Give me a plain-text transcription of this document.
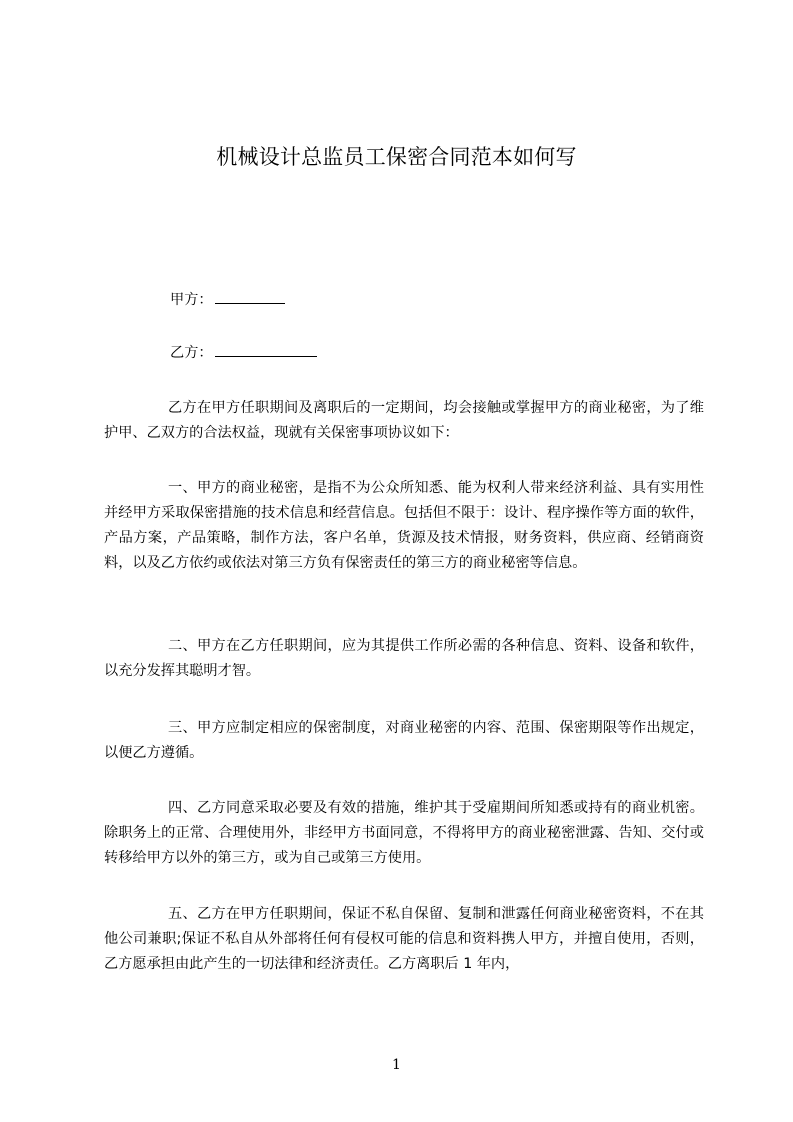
机械设计总监员工保密合同范本如何写
甲方：
乙方：

乙方在甲方任职期间及离职后的一定期间，均会接触或掌握甲方的商业秘密，为了维护甲、乙双方的合法权益，现就有关保密事项协议如下：

一、甲方的商业秘密，是指不为公众所知悉、能为权利人带来经济利益、具有实用性并经甲方采取保密措施的技术信息和经营信息。包括但不限于：设计、程序操作等方面的软件，产品方案，产品策略，制作方法，客户名单，货源及技术情报，财务资料，供应商、经销商资料，以及乙方依约或依法对第三方负有保密责任的第三方的商业秘密等信息。

二、甲方在乙方任职期间，应为其提供工作所必需的各种信息、资料、设备和软件，以充分发挥其聪明才智。

三、甲方应制定相应的保密制度，对商业秘密的内容、范围、保密期限等作出规定，以便乙方遵循。

四、乙方同意采取必要及有效的措施，维护其于受雇期间所知悉或持有的商业机密。除职务上的正常、合理使用外，非经甲方书面同意，不得将甲方的商业秘密泄露、告知、交付或转移给甲方以外的第三方，或为自己或第三方使用。

五、乙方在甲方任职期间，保证不私自保留、复制和泄露任何商业秘密资料，不在其他公司兼职;保证不私自从外部将任何有侵权可能的信息和资料携人甲方，并擅自使用，否则，乙方愿承担由此产生的一切法律和经济责任。乙方离职后 1 年内，

1
